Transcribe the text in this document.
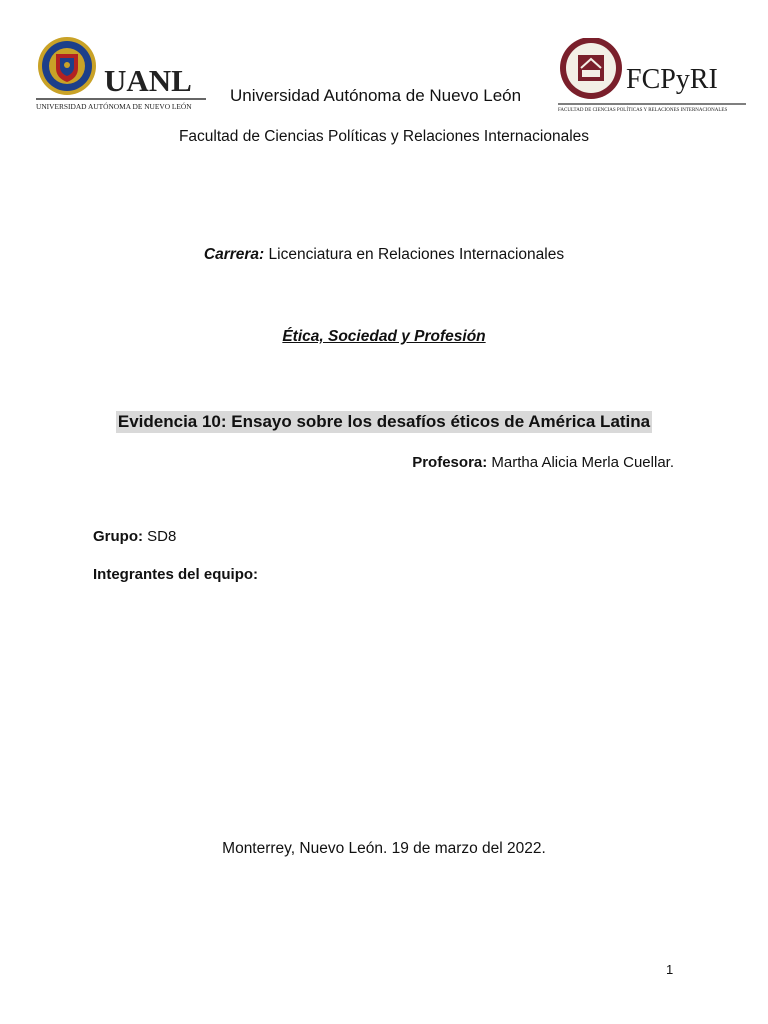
UANL
UNIVERSIDAD AUTÓNOMA DE NUEVO LEÓN
FCPyRI
FACULTAD DE CIENCIAS POLÍTICAS Y RELACIONES INTERNACIONALES
Universidad Autónoma de Nuevo León
Facultad de Ciencias Políticas y Relaciones Internacionales
Carrera: Licenciatura en Relaciones Internacionales
Ética, Sociedad y Profesión
Evidencia 10: Ensayo sobre los desafíos éticos de América Latina
Profesora: Martha Alicia Merla Cuellar.
Grupo: SD8
Integrantes del equipo:
Monterrey, Nuevo León. 19 de marzo del 2022.
1
